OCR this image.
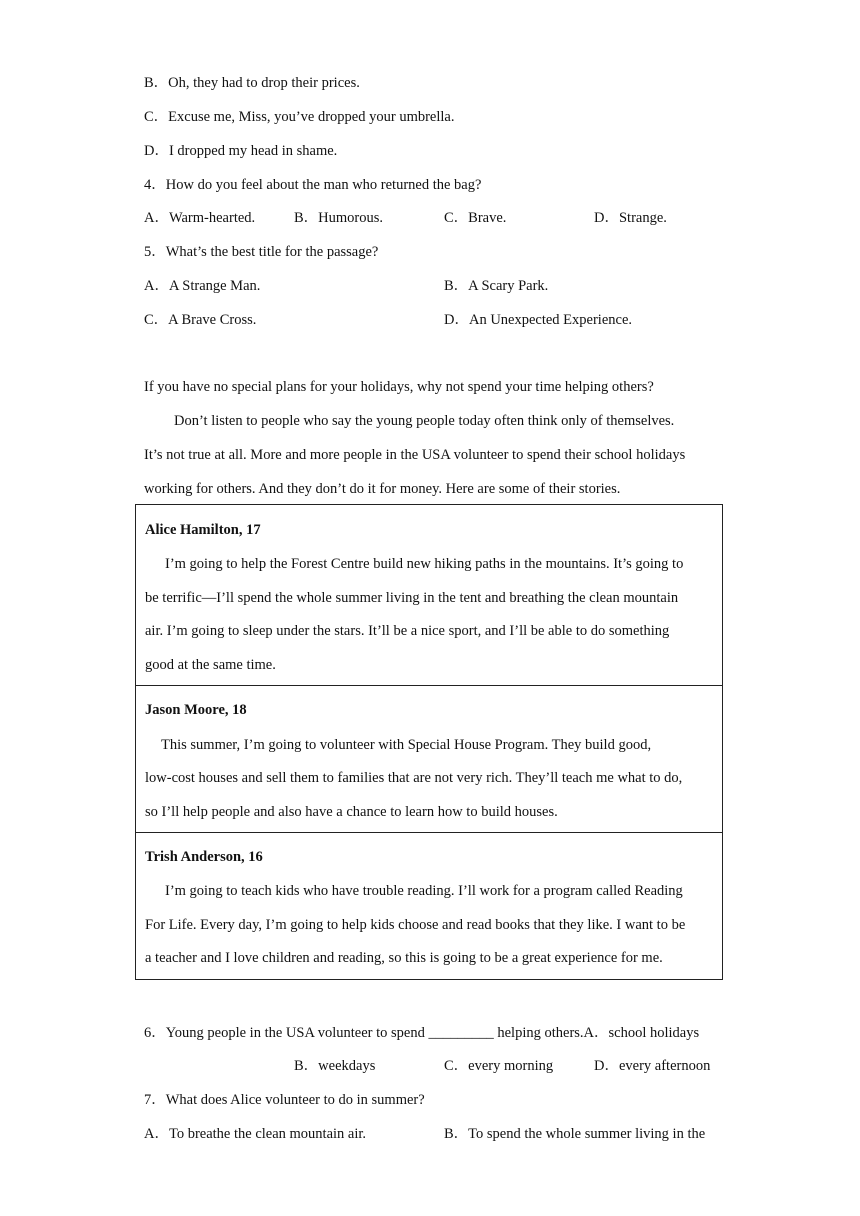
B．Oh, they had to drop their prices.
C．Excuse me, Miss, you’ve dropped your umbrella.
D．I dropped my head in shame.
4．How do you feel about the man who returned the bag?
A．Warm-hearted.	B．Humorous.	C．Brave.	D．Strange.
5．What’s the best title for the passage?
A．A Strange Man.	B．A Scary Park.
C．A Brave Cross.	D．An Unexpected Experience.
If you have no special plans for your holidays, why not spend your time helping others?
Don’t listen to people who say the young people today often think only of themselves.
It’s not true at all. More and more people in the USA volunteer to spend their school holidays
working for others. And they don’t do it for money. Here are some of their stories.
Alice Hamilton, 17
I’m going to help the Forest Centre build new hiking paths in the mountains. It’s going to
be terrific—I’ll spend the whole summer living in the tent and breathing the clean mountain
air. I’m going to sleep under the stars. It’ll be a nice sport, and I’ll be able to do something
good at the same time.
Jason Moore, 18
This summer, I’m going to volunteer with Special House Program. They build good,
low-cost houses and sell them to families that are not very rich. They’ll teach me what to do,
so I’ll help people and also have a chance to learn how to build houses.
Trish Anderson, 16
I’m going to teach kids who have trouble reading. I’ll work for a program called Reading
For Life. Every day, I’m going to help kids choose and read books that they like. I want to be
a teacher and I love children and reading, so this is going to be a great experience for me.
6．Young people in the USA volunteer to spend _________ helping others.A．school holidays
B．weekdays	C．every morning	D．every afternoon
7．What does Alice volunteer to do in summer?
A．To breathe the clean mountain air.	B．To spend the whole summer living in the
